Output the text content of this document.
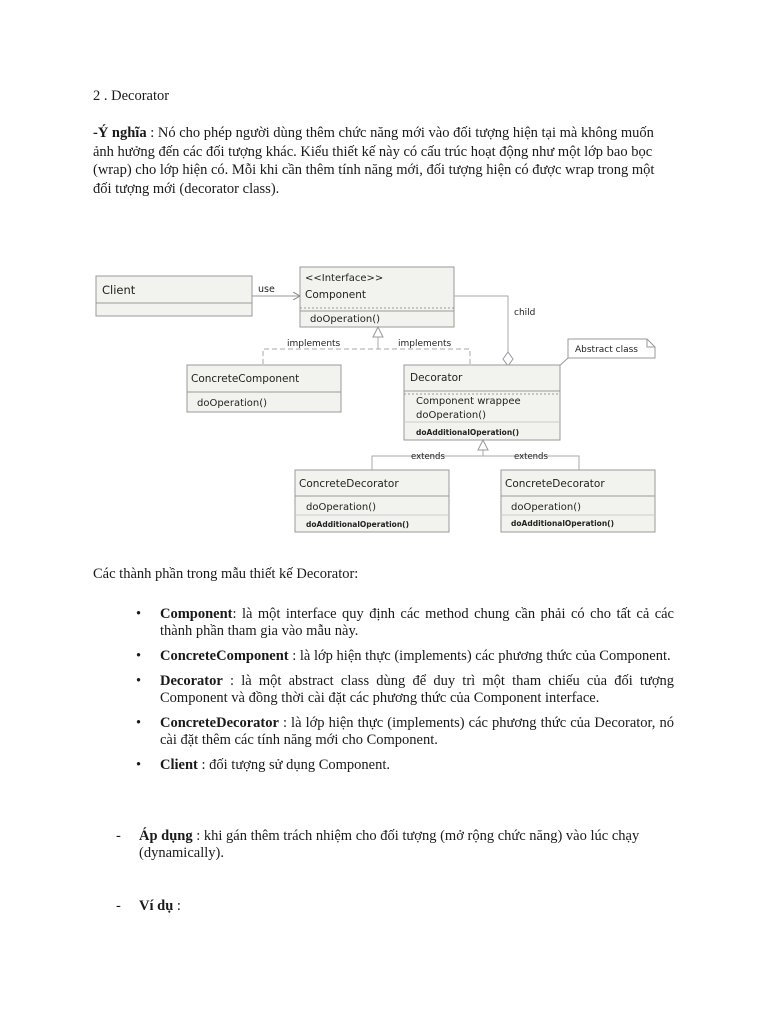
2 . Decorator
-Ý nghĩa : Nó cho phép người dùng thêm chức năng mới vào đối tượng hiện tại mà không muốn ảnh hưởng đến các đối tượng khác. Kiểu thiết kế này có cấu trúc hoạt động như một lớp bao bọc (wrap) cho lớp hiện có. Mỗi khi cần thêm tính năng mới, đối tượng hiện có được wrap trong một đối tượng mới (decorator class).
Client	use
<<Interface>>
Component
doOperation()
child
implements	implements
Abstract class
ConcreteComponent
doOperation()
Decorator
Component wrappee
doOperation()
doAdditionalOperation()
extends	extends
ConcreteDecorator
doOperation()
doAdditionalOperation()
ConcreteDecorator
doOperation()
doAdditionalOperation()
Các thành phần trong mẫu thiết kế Decorator:
• Component: là một interface quy định các method chung cần phải có cho tất cả các thành phần tham gia vào mẫu này.
• ConcreteComponent : là lớp hiện thực (implements) các phương thức của Component.
• Decorator : là một abstract class dùng để duy trì một tham chiếu của đối tượng Component và đồng thời cài đặt các phương thức của Component interface.
• ConcreteDecorator : là lớp hiện thực (implements) các phương thức của Decorator, nó cài đặt thêm các tính năng mới cho Component.
• Client : đối tượng sử dụng Component.
- Áp dụng : khi gán thêm trách nhiệm cho đối tượng (mở rộng chức năng) vào lúc chạy (dynamically).
- Ví dụ :
